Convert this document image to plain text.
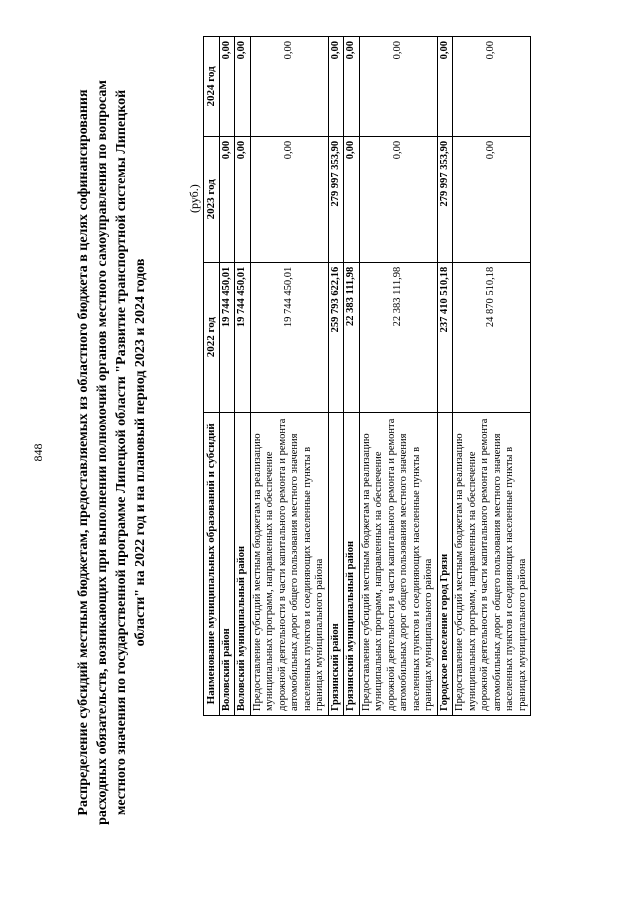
848 Распределение субсидий местным бюджетам, предоставляемых из областного бюджета в целях софинансирования расходных обязательств, возникающих при выполнении полномочий органов местного самоуправления по вопросам местного значения по государственной программе Липецкой области "Развитие транспортной системы Липецкой области" на 2022 год и на плановый период 2023 и 2024 годов
(руб.)
Наименование муниципальных образований и субсидий	2022 год	2023 год	2024 год
Воловский район	19 744 450,01	0,00	0,00
Воловский муниципальный район	19 744 450,01	0,00	0,00
Предоставление субсидий местным бюджетам на реализацию муниципальных программ, направленных на обеспечение дорожной деятельности в части капитального ремонта и ремонта автомобильных дорог общего пользования местного значения населенных пунктов и соединяющих населенные пункты в границах муниципального района	19 744 450,01	0,00	0,00
Грязинский район	259 793 622,16	279 997 353,90	0,00
Грязинский муниципальный район	22 383 111,98	0,00	0,00
Предоставление субсидий местным бюджетам на реализацию муниципальных программ, направленных на обеспечение дорожной деятельности в части капитального ремонта и ремонта автомобильных дорог общего пользования местного значения населенных пунктов и соединяющих населенные пункты в границах муниципального района	22 383 111,98	0,00	0,00
Городское поселение город Грязи	237 410 510,18	279 997 353,90	0,00
Предоставление субсидий местным бюджетам на реализацию муниципальных программ, направленных на обеспечение дорожной деятельности в части капитального ремонта и ремонта автомобильных дорог общего пользования местного значения населенных пунктов и соединяющих населенные пункты в границах муниципального района	24 870 510,18	0,00	0,00
